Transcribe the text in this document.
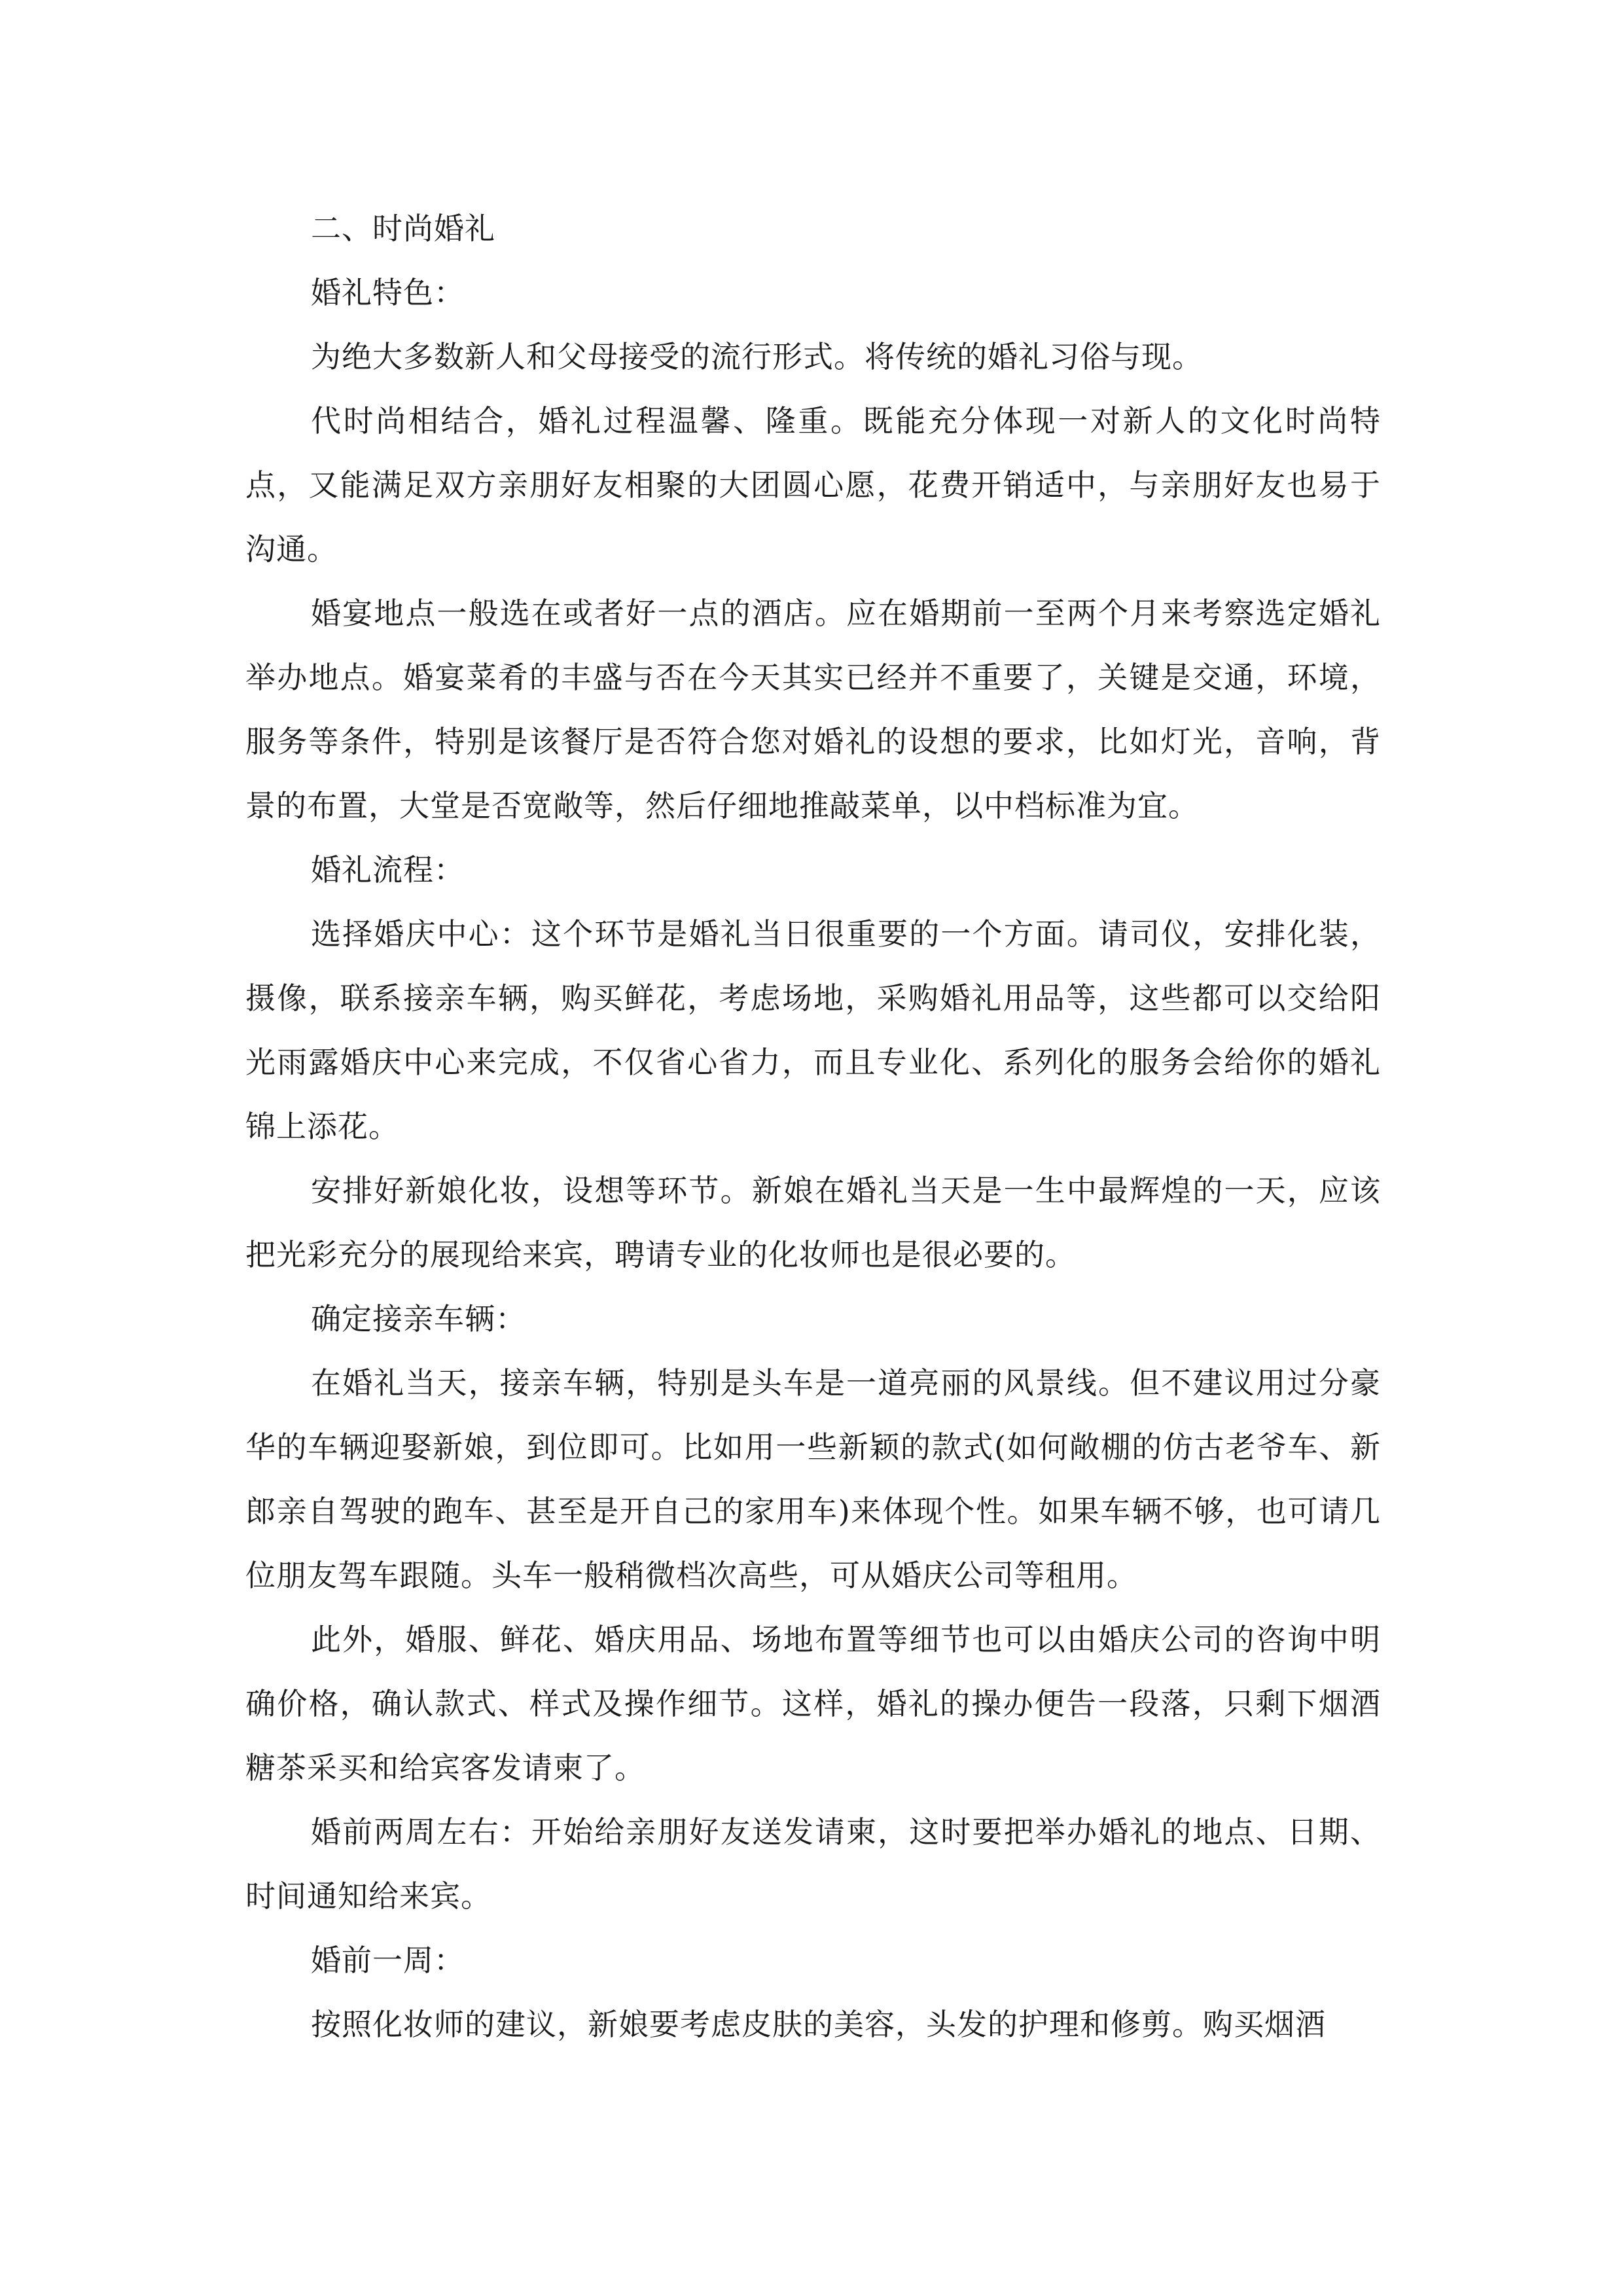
二、时尚婚礼

婚礼特色：

为绝大多数新人和父母接受的流行形式。将传统的婚礼习俗与现。

代时尚相结合，婚礼过程温馨、隆重。既能充分体现一对新人的文化时尚特点，又能满足双方亲朋好友相聚的大团圆心愿，花费开销适中，与亲朋好友也易于沟通。

婚宴地点一般选在或者好一点的酒店。应在婚期前一至两个月来考察选定婚礼举办地点。婚宴菜肴的丰盛与否在今天其实已经并不重要了，关键是交通，环境，服务等条件，特别是该餐厅是否符合您对婚礼的设想的要求，比如灯光，音响，背景的布置，大堂是否宽敞等，然后仔细地推敲菜单，以中档标准为宜。

婚礼流程：

选择婚庆中心：这个环节是婚礼当日很重要的一个方面。请司仪，安排化装，摄像，联系接亲车辆，购买鲜花，考虑场地，采购婚礼用品等，这些都可以交给阳光雨露婚庆中心来完成，不仅省心省力，而且专业化、系列化的服务会给你的婚礼锦上添花。

安排好新娘化妆，设想等环节。新娘在婚礼当天是一生中最辉煌的一天，应该把光彩充分的展现给来宾，聘请专业的化妆师也是很必要的。

确定接亲车辆：

在婚礼当天，接亲车辆，特别是头车是一道亮丽的风景线。但不建议用过分豪华的车辆迎娶新娘，到位即可。比如用一些新颖的款式(如何敞棚的仿古老爷车、新郎亲自驾驶的跑车、甚至是开自己的家用车)来体现个性。如果车辆不够，也可请几位朋友驾车跟随。头车一般稍微档次高些，可从婚庆公司等租用。

此外，婚服、鲜花、婚庆用品、场地布置等细节也可以由婚庆公司的咨询中明确价格，确认款式、样式及操作细节。这样，婚礼的操办便告一段落，只剩下烟酒糖茶采买和给宾客发请柬了。

婚前两周左右：开始给亲朋好友送发请柬，这时要把举办婚礼的地点、日期、时间通知给来宾。

婚前一周：

按照化妆师的建议，新娘要考虑皮肤的美容，头发的护理和修剪。购买烟酒
